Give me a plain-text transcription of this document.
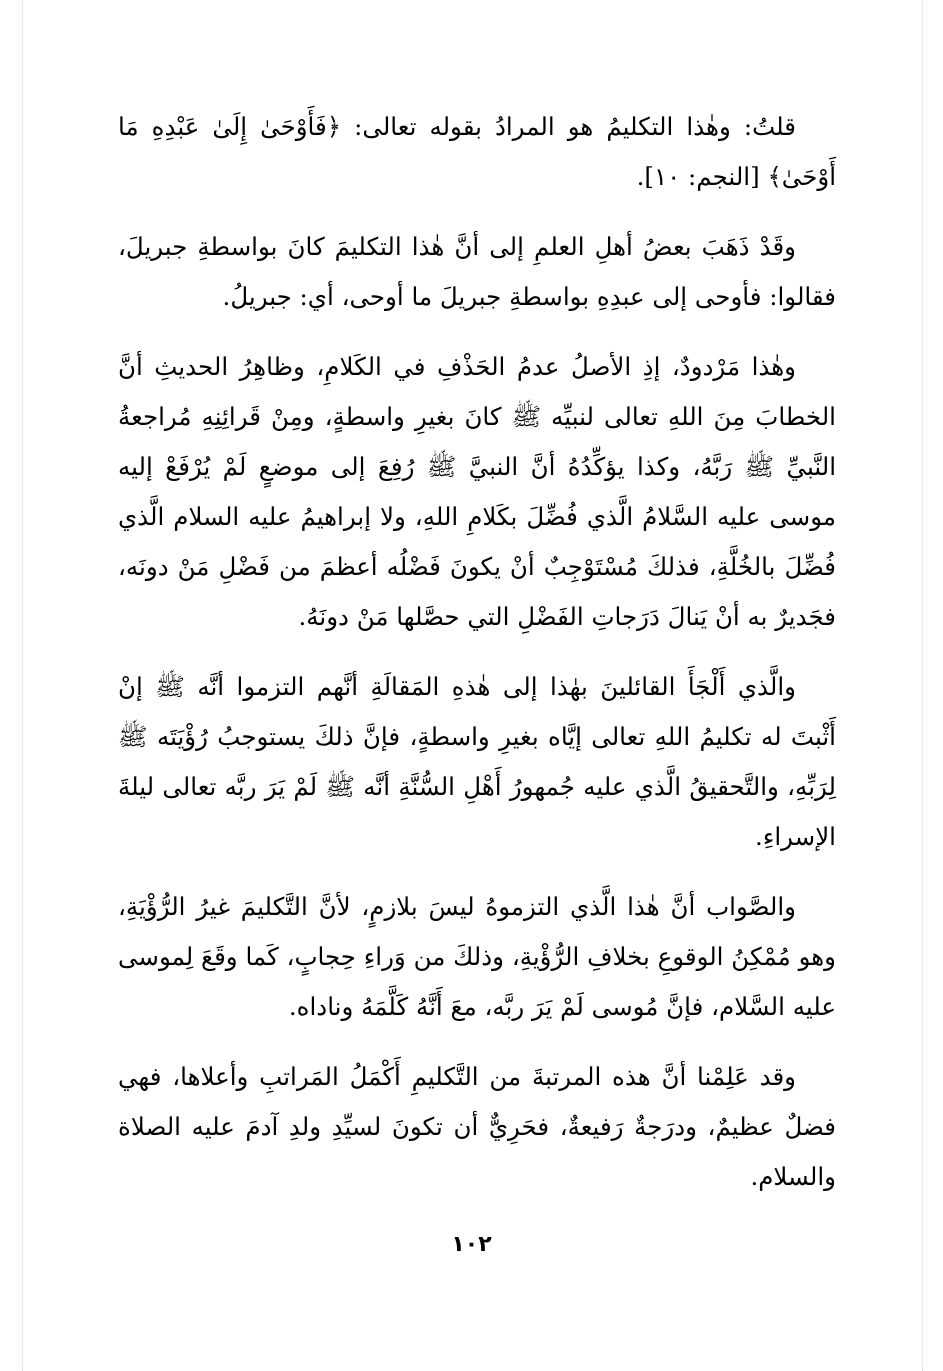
قلتُ: وهٰذا التكليمُ هو المرادُ بقوله تعالى: ﴿فَأَوْحَىٰ إِلَىٰ عَبْدِهِ مَا أَوْحَىٰ﴾ [النجم: ١٠].

وقَدْ ذَهَبَ بعضُ أهلِ العلمِ إلى أنَّ هٰذا التكليمَ كانَ بواسطةِ جبريلَ، فقالوا: فأوحى إلى عبدِهِ بواسطةِ جبريلَ ما أوحى، أي: جبريلُ.

وهٰذا مَرْدودٌ، إذِ الأصلُ عدمُ الحَذْفِ في الكَلامِ، وظاهِرُ الحديثِ أنَّ الخطابَ مِنَ اللهِ تعالى لنبيِّه ﷺ كانَ بغيرِ واسطةٍ، ومِنْ قَرائِنِهِ مُراجعةُ النَّبيِّ ﷺ رَبَّهُ، وكذا يؤكِّدُهُ أنَّ النبيَّ ﷺ رُفِعَ إلى موضعٍ لَمْ يُرْفَعْ إليه موسى عليه السَّلامُ الَّذي فُضِّلَ بكَلامِ اللهِ، ولا إبراهيمُ عليه السلام الَّذي فُضِّلَ بالخُلَّةِ، فذلكَ مُسْتَوْجِبٌ أنْ يكونَ فَضْلُه أعظمَ من فَضْلِ مَنْ دونَه، فجَديرٌ به أنْ يَنالَ دَرَجاتِ الفَضْلِ التي حصَّلها مَنْ دونَهُ.

والَّذي أَلْجَأَ القائلينَ بهٰذا إلى هٰذهِ المَقالَةِ أنَّهم التزموا أنَّه ﷺ إنْ أَثْبتَ له تكليمُ اللهِ تعالى إيَّاه بغيرِ واسطةٍ، فإنَّ ذلكَ يستوجبُ رُؤْيَتَه ﷺ لِرَبِّهِ، والتَّحقيقُ الَّذي عليه جُمهورُ أَهْلِ السُّنَّةِ أنَّه ﷺ لَمْ يَرَ ربَّه تعالى ليلةَ الإسراءِ.

والصَّواب أنَّ هٰذا الَّذي التزموهُ ليسَ بلازمٍ، لأنَّ التَّكليمَ غيرُ الرُّؤْيَةِ، وهو مُمْكِنُ الوقوعِ بخلافِ الرُّؤْيةِ، وذلكَ من وَراءِ حِجابٍ، كَما وقَعَ لِموسى عليه السَّلام، فإنَّ مُوسى لَمْ يَرَ ربَّه، معَ أَنَّهُ كَلَّمَهُ وناداه.

وقد عَلِمْنا أنَّ هذه المرتبةَ من التَّكليمِ أَكْمَلُ المَراتبِ وأعلاها، فهي فضلٌ عظيمٌ، ودرَجةٌ رَفيعةٌ، فحَرِيٌّ أن تكونَ لسيِّدِ ولدِ آدمَ عليه الصلاة والسلام.

١٠٢
